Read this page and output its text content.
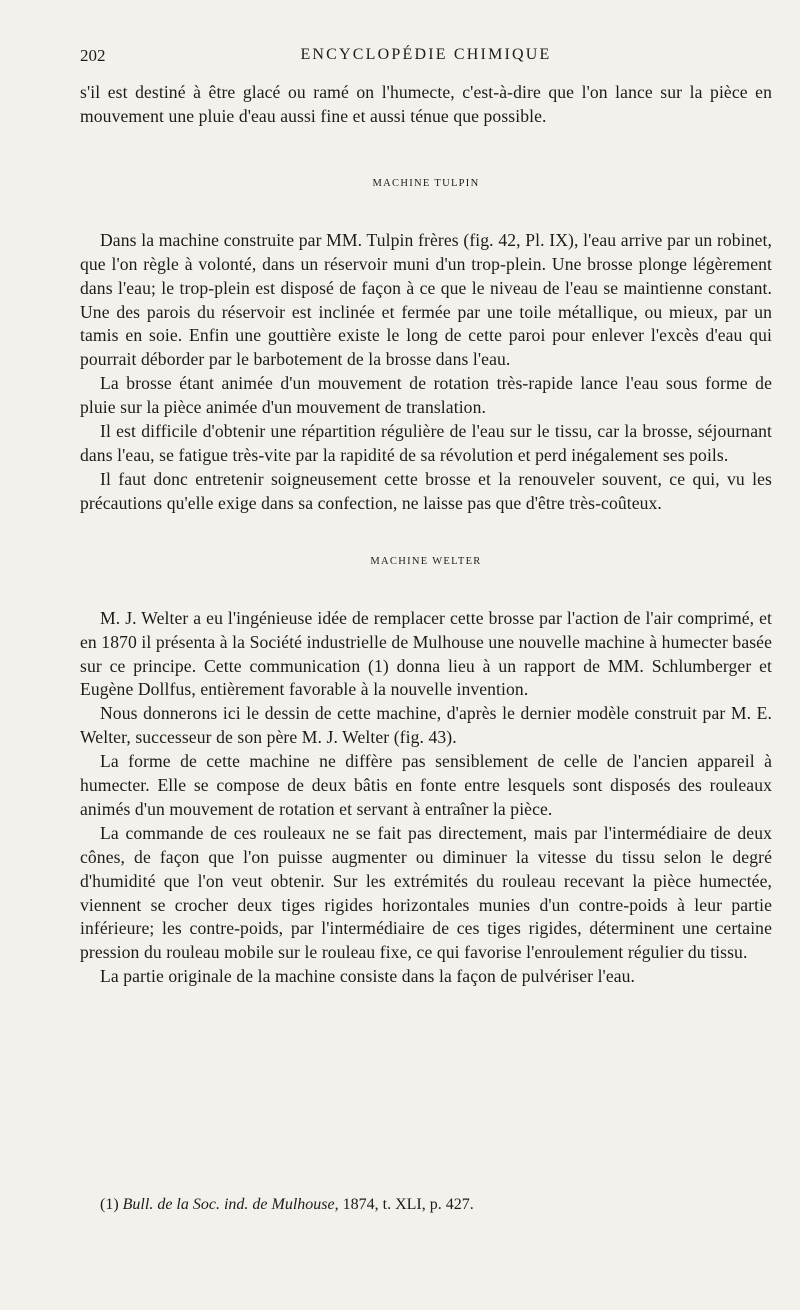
202	ENCYCLOPÉDIE CHIMIQUE

s'il est destiné à être glacé ou ramé on l'humecte, c'est-à-dire que l'on lance sur la pièce en mouvement une pluie d'eau aussi fine et aussi ténue que possible.

MACHINE TULPIN

Dans la machine construite par MM. Tulpin frères (fig. 42, Pl. IX), l'eau arrive par un robinet, que l'on règle à volonté, dans un réservoir muni d'un trop-plein. Une brosse plonge légèrement dans l'eau; le trop-plein est disposé de façon à ce que le niveau de l'eau se maintienne constant. Une des parois du réservoir est inclinée et fermée par une toile métallique, ou mieux, par un tamis en soie. Enfin une gouttière existe le long de cette paroi pour enlever l'excès d'eau qui pourrait déborder par le barbotement de la brosse dans l'eau.

La brosse étant animée d'un mouvement de rotation très-rapide lance l'eau sous forme de pluie sur la pièce animée d'un mouvement de translation.

Il est difficile d'obtenir une répartition régulière de l'eau sur le tissu, car la brosse, séjournant dans l'eau, se fatigue très-vite par la rapidité de sa révolution et perd inégalement ses poils.

Il faut donc entretenir soigneusement cette brosse et la renouveler souvent, ce qui, vu les précautions qu'elle exige dans sa confection, ne laisse pas que d'être très-coûteux.

MACHINE WELTER

M. J. Welter a eu l'ingénieuse idée de remplacer cette brosse par l'action de l'air comprimé, et en 1870 il présenta à la Société industrielle de Mulhouse une nouvelle machine à humecter basée sur ce principe. Cette communication (1) donna lieu à un rapport de MM. Schlumberger et Eugène Dollfus, entièrement favorable à la nouvelle invention.

Nous donnerons ici le dessin de cette machine, d'après le dernier modèle construit par M. E. Welter, successeur de son père M. J. Welter (fig. 43).

La forme de cette machine ne diffère pas sensiblement de celle de l'ancien appareil à humecter. Elle se compose de deux bâtis en fonte entre lesquels sont disposés des rouleaux animés d'un mouvement de rotation et servant à entraîner la pièce.

La commande de ces rouleaux ne se fait pas directement, mais par l'intermédiaire de deux cônes, de façon que l'on puisse augmenter ou diminuer la vitesse du tissu selon le degré d'humidité que l'on veut obtenir. Sur les extrémités du rouleau recevant la pièce humectée, viennent se crocher deux tiges rigides horizontales munies d'un contre-poids à leur partie inférieure; les contre-poids, par l'intermédiaire de ces tiges rigides, déterminent une certaine pression du rouleau mobile sur le rouleau fixe, ce qui favorise l'enroulement régulier du tissu.

La partie originale de la machine consiste dans la façon de pulvériser l'eau.

(1) Bull. de la Soc. ind. de Mulhouse, 1874, t. XLI, p. 427.
